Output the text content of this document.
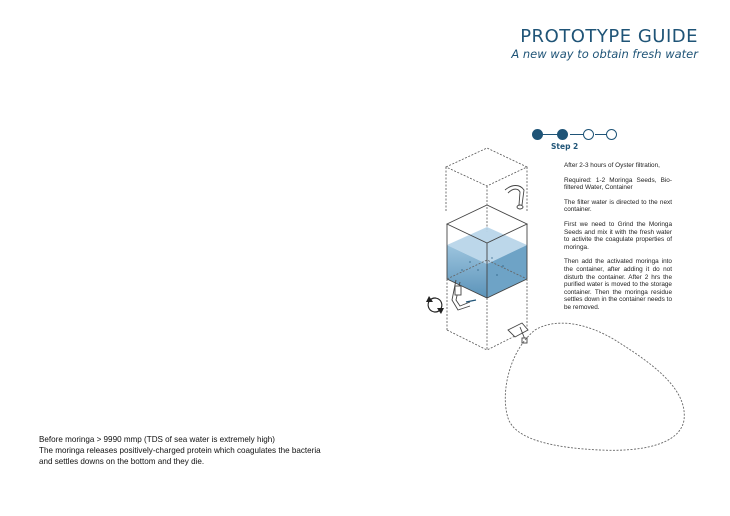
PROTOTYPE GUIDE
A new way to obtain fresh water
Step 2

After 2-3 hours of Oyster filtration,

Required: 1-2 Moringa Seeds, Bio-filtered Water, Container

The filter water is directed to the next container.

First we need to Grind the Moringa Seeds and mix it with the fresh water to activite the coagulate properties of moringa.

Then add the activated moringa into the container, after adding it do not disturb the container. After 2 hrs the purified water is moved to the storage container. Then the moringa residue settles down in the container needs to be removed.

Before moringa > 9990 mmp (TDS of sea water is extremely high)

The moringa releases positively-charged protein which coagulates the bacteria and settles downs on the bottom and they die.
